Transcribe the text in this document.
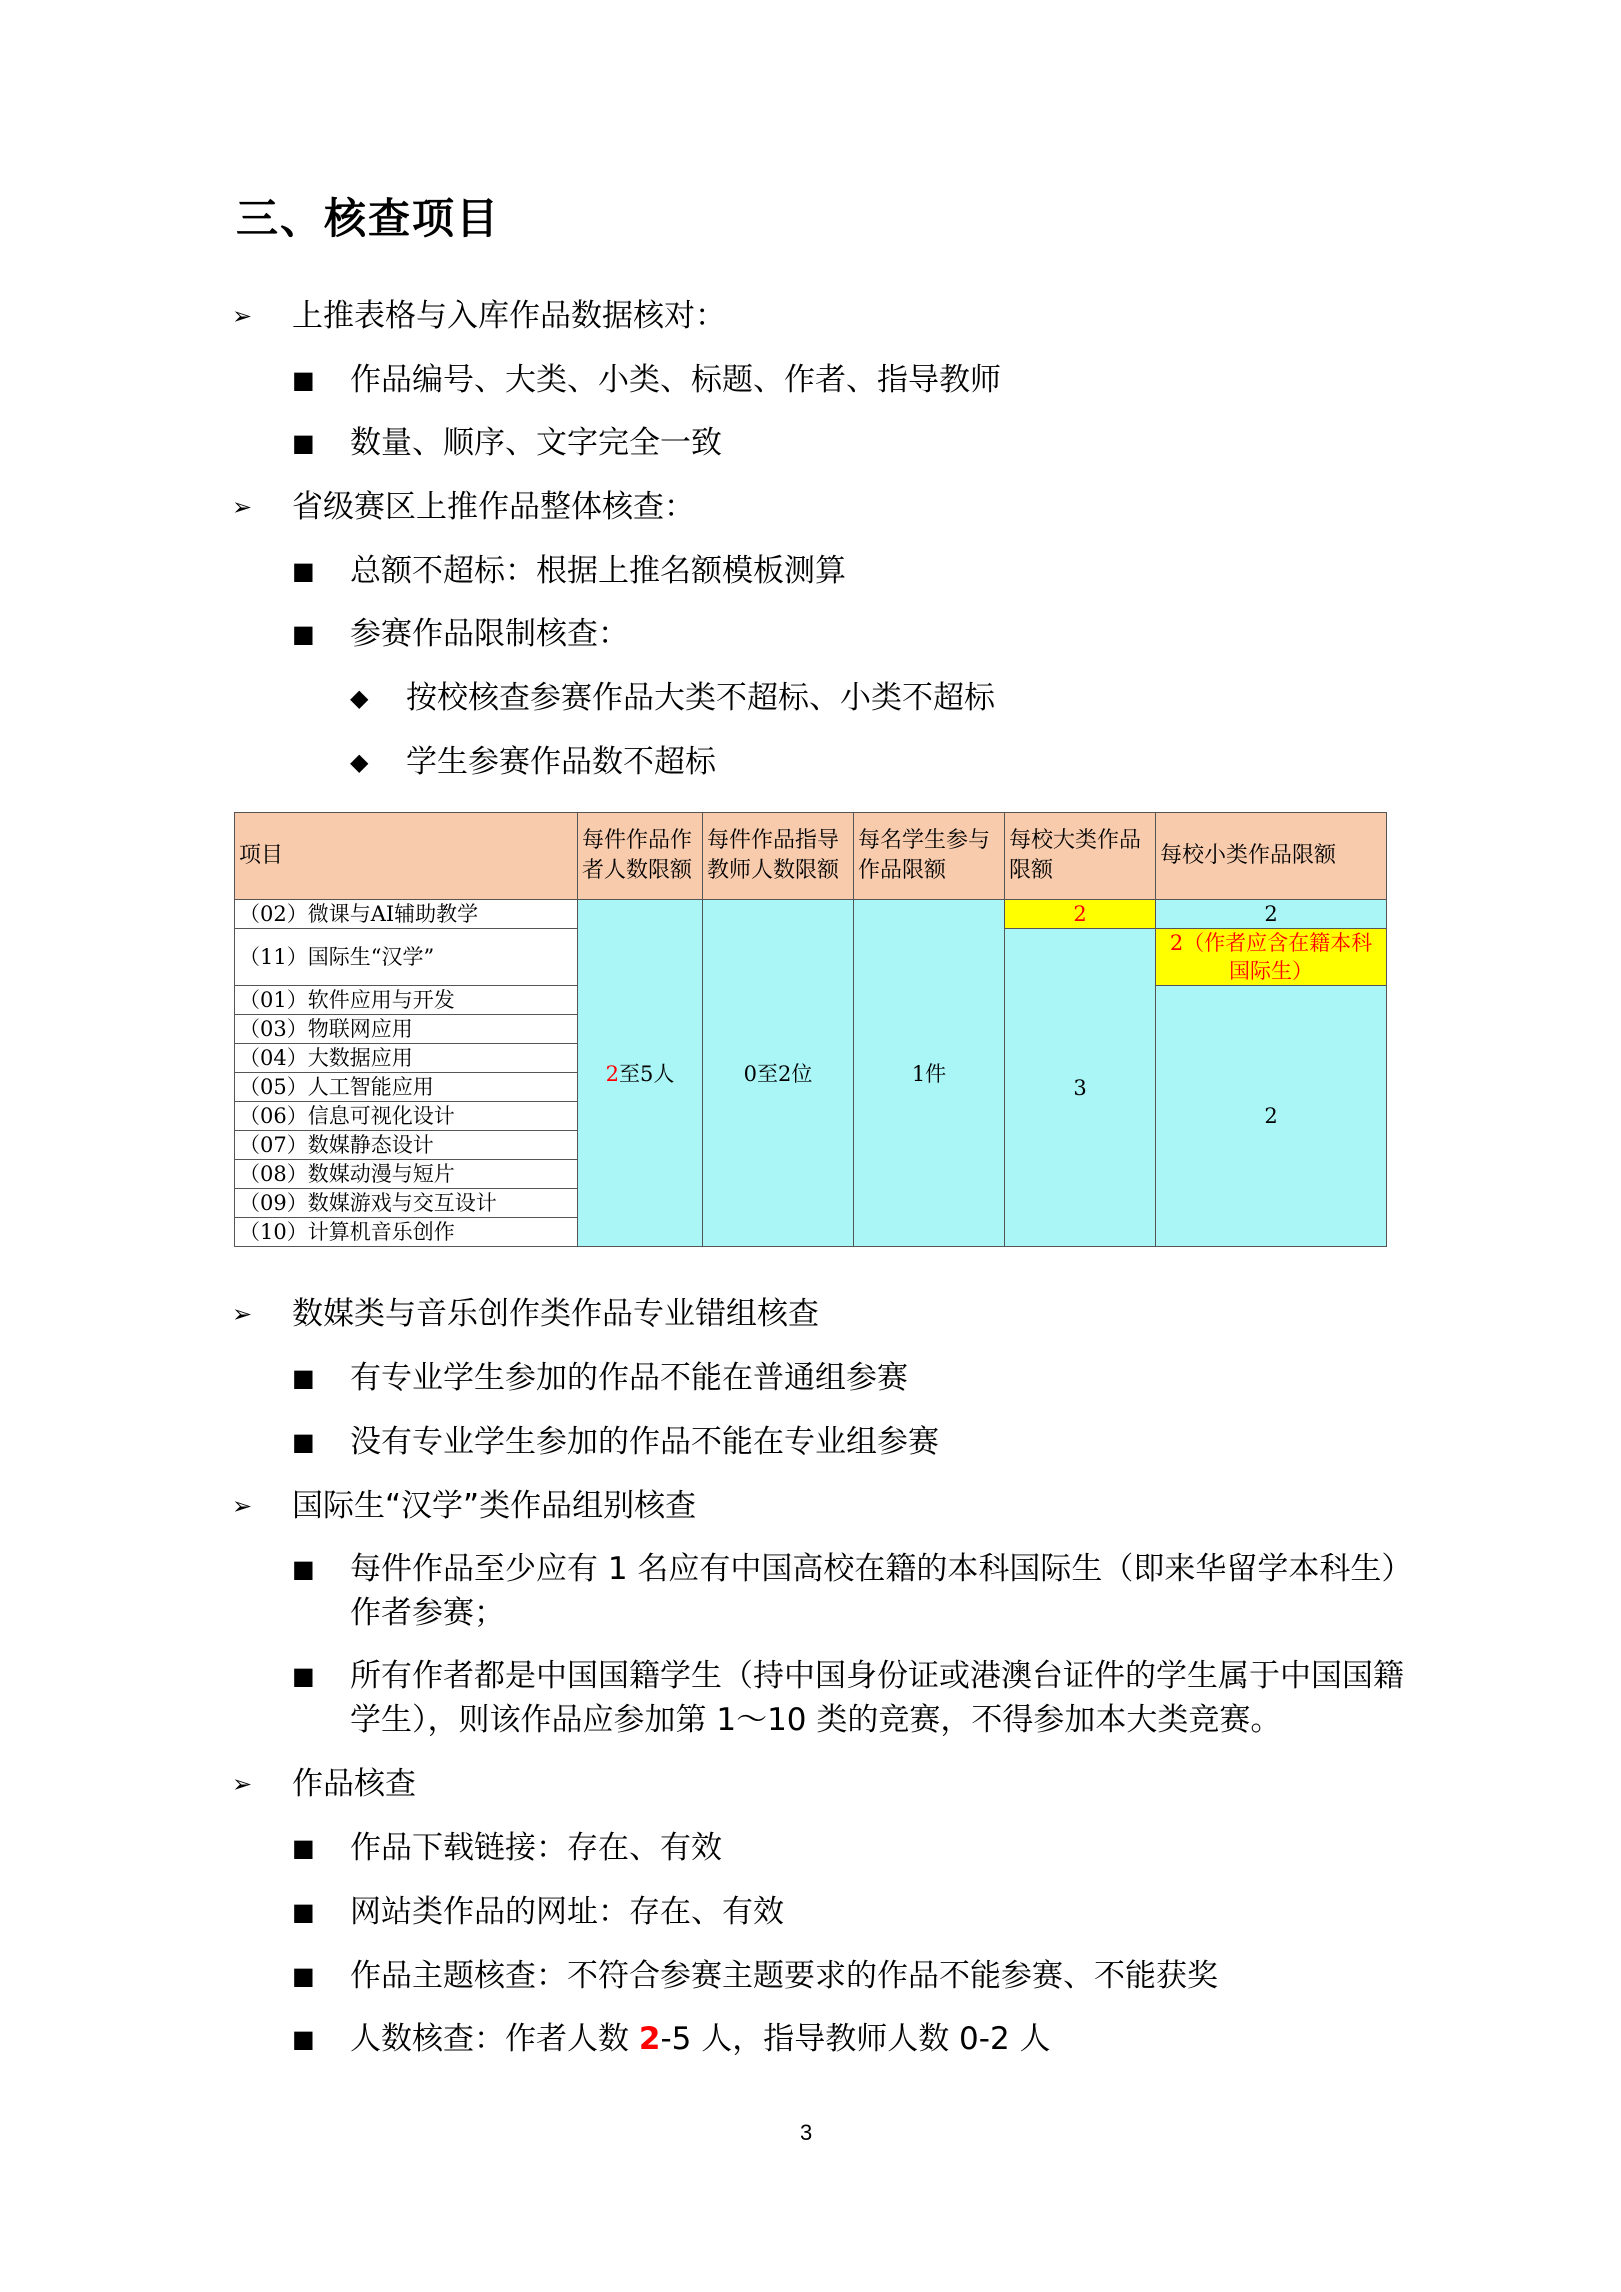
三、核查项目
➢ 上推表格与入库作品数据核对：
■ 作品编号、大类、小类、标题、作者、指导教师
■ 数量、顺序、文字完全一致
➢ 省级赛区上推作品整体核查：
■ 总额不超标：根据上推名额模板测算
■ 参赛作品限制核查：
◆ 按校核查参赛作品大类不超标、小类不超标
◆ 学生参赛作品数不超标
项目	每件作品作者人数限额	每件作品指导教师人数限额	每名学生参与作品限额	每校大类作品限额	每校小类作品限额
（02）微课与AI辅助教学	2至5人	0至2位	1件	2	2
（11）国际生“汉学”				3	2（作者应含在籍本科国际生）
（01）软件应用与开发					2
（03）物联网应用					
（04）大数据应用					
（05）人工智能应用					
（06）信息可视化设计					
（07）数媒静态设计					
（08）数媒动漫与短片					
（09）数媒游戏与交互设计					
（10）计算机音乐创作					
➢ 数媒类与音乐创作类作品专业错组核查
■ 有专业学生参加的作品不能在普通组参赛
■ 没有专业学生参加的作品不能在专业组参赛
➢ 国际生“汉学”类作品组别核查
■ 每件作品至少应有 1 名应有中国高校在籍的本科国际生（即来华留学本科生）作者参赛；
■ 所有作者都是中国国籍学生（持中国身份证或港澳台证件的学生属于中国国籍学生），则该作品应参加第 1～10 类的竞赛，不得参加本大类竞赛。
➢ 作品核查
■ 作品下载链接：存在、有效
■ 网站类作品的网址：存在、有效
■ 作品主题核查：不符合参赛主题要求的作品不能参赛、不能获奖
■ 人数核查：作者人数 2-5 人，指导教师人数 0-2 人
3
